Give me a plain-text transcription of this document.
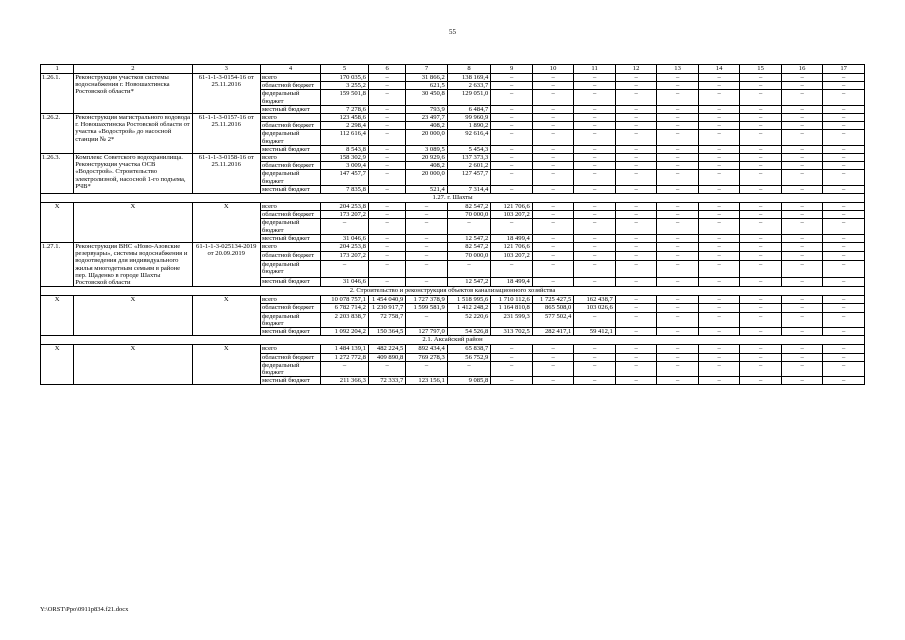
55
1	2	3	4	5	6	7	8	9	10	11	12	13	14	15	16	17
1.26.1.	Реконструкция участков системы водоснабжения г. Новошахтинска Ростовской области*	61-1-1-3-0154-16 от 25.11.2016	всего	170 035,6	–	31 866,2	138 169,4	–	–	–	–	–	–	–	–	–
			областной бюджет	3 255,2	–	621,5	2 633,7	–	–	–	–	–	–	–	–	–
			федеральный бюджет	159 501,8	–	30 450,8	129 051,0	–	–	–	–	–	–	–	–	–
			местный бюджет	7 278,6	–	793,9	6 484,7	–	–	–	–	–	–	–	–	–
1.26.2.	Реконструкция магистрального водовода г. Новошахтинска Ростовской области от участка «Водострой» до насосной станции № 2*	61-1-1-3-0157-16 от 25.11.2016	всего	123 458,6	–	23 497,7	99 960,9	–	–	–	–	–	–	–	–	–
			областной бюджет	2 298,4	–	408,2	1 890,2	–	–	–	–	–	–	–	–	–
			федеральный бюджет	112 616,4	–	20 000,0	92 616,4	–	–	–	–	–	–	–	–	–
			местный бюджет	8 543,8	–	3 089,5	5 454,3	–	–	–	–	–	–	–	–	–
1.26.3.	Комплекс Советского водохранилища. Реконструкция участка ОСВ «Водострой». Строительство электролизной, насосной 1-го подъема, РЧВ*	61-1-1-3-0158-16 от 25.11.2016	всего	158 302,9	–	20 929,6	137 373,3	–	–	–	–	–	–	–	–	–
			областной бюджет	3 009,4	–	408,2	2 601,2	–	–	–	–	–	–	–	–	–
			федеральный бюджет	147 457,7	–	20 000,0	127 457,7	–	–	–	–	–	–	–	–	–
			местный бюджет	7 835,8	–	521,4	7 314,4	–	–	–	–	–	–	–	–	–
1.27. г. Шахты																
Х	Х	Х	всего	204 253,8	–	–	82 547,2	121 706,6	–	–	–	–	–	–	–	–
			областной бюджет	173 207,2	–	–	70 000,0	103 207,2	–	–	–	–	–	–	–	–
			федеральный бюджет	–	–	–	–	–	–	–	–	–	–	–	–	–
			местный бюджет	31 046,6	–	–	12 547,2	18 499,4	–	–	–	–	–	–	–	–
1.27.1.	Реконструкция ВНС «Ново-Азовские резервуары», системы водоснабжения и водоотведения для индивидуального жилья многодетным семьям в районе пер. Щаденко в городе Шахты Ростовской области	61-1-1-3-025134-2019 от 20.09.2019	всего	204 253,8	–	–	82 547,2	121 706,6	–	–	–	–	–	–	–	–
			областной бюджет	173 207,2	–	–	70 000,0	103 207,2	–	–	–	–	–	–	–	–
			федеральный бюджет	–	–	–	–	–	–	–	–	–	–	–	–	–
			местный бюджет	31 046,6	–	–	12 547,2	18 499,4	–	–	–	–	–	–	–	–
2. Строительство и реконструкция объектов канализационного хозяйства																
Х	Х	Х	всего	10 078 757,1	1 454 040,9	1 727 378,9	1 518 995,6	1 710 112,6	1 725 427,5	162 438,7	–	–	–	–	–	–
			областной бюджет	6 782 714,2	1 230 917,7	1 599 581,9	1 412 248,2	1 164 810,8	865 508,0	103 026,6	–	–	–	–	–	–
			федеральный бюджет	2 203 838,7	72 758,7	–	52 220,6	231 599,3	577 502,4	–	–	–	–	–	–	–
			местный бюджет	1 092 204,2	150 364,5	127 797,0	54 526,8	313 702,5	282 417,1	59 412,1	–	–	–	–	–	–
2.1. Аксайский район																
Х	Х	Х	всего	1 484 139,1	482 224,5	892 434,4	65 838,7	–	–	–	–	–	–	–	–	–
			областной бюджет	1 272 772,8	409 890,8	769 278,3	56 752,9	–	–	–	–	–	–	–	–	–
			федеральный бюджет	–	–	–	–	–	–	–	–	–	–	–	–	–
			местный бюджет	211 366,3	72 333,7	123 156,1	9 085,8	–	–	–	–	–	–	–	–	–
Y:\ORST\Ppo\0911p834.f21.docx
